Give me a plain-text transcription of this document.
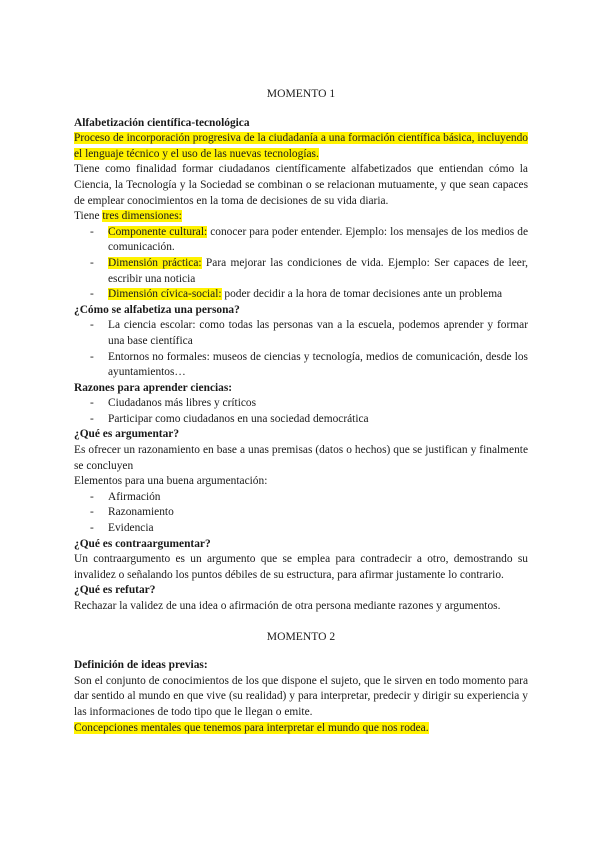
MOMENTO 1
Alfabetización científica-tecnológica

Proceso de incorporación progresiva de la ciudadanía a una formación científica básica, incluyendo el lenguaje técnico y el uso de las nuevas tecnologías.

Tiene como finalidad formar ciudadanos científicamente alfabetizados que entiendan cómo la Ciencia, la Tecnología y la Sociedad se combinan o se relacionan mutuamente, y que sean capaces de emplear conocimientos en la toma de decisiones de su vida diaria.

Tiene tres dimensiones:

- Componente cultural: conocer para poder entender. Ejemplo: los mensajes de los medios de comunicación.
- Dimensión práctica: Para mejorar las condiciones de vida. Ejemplo: Ser capaces de leer, escribir una noticia
- Dimensión cívica-social: poder decidir a la hora de tomar decisiones ante un problema
¿Cómo se alfabetiza una persona?
- La ciencia escolar: como todas las personas van a la escuela, podemos aprender y formar una base científica
- Entornos no formales: museos de ciencias y tecnología, medios de comunicación, desde los ayuntamientos…
Razones para aprender ciencias:
- Ciudadanos más libres y críticos
- Participar como ciudadanos en una sociedad democrática
¿Qué es argumentar?

Es ofrecer un razonamiento en base a unas premisas (datos o hechos) que se justifican y finalmente se concluyen

Elementos para una buena argumentación:

- Afirmación
- Razonamiento
- Evidencia
¿Qué es contraargumentar?

Un contraargumento es un argumento que se emplea para contradecir a otro, demostrando su invalidez o señalando los puntos débiles de su estructura, para afirmar justamente lo contrario.

¿Qué es refutar?

Rechazar la validez de una idea o afirmación de otra persona mediante razones y argumentos.

MOMENTO 2
Definición de ideas previas:

Son el conjunto de conocimientos de los que dispone el sujeto, que le sirven en todo momento para dar sentido al mundo en que vive (su realidad) y para interpretar, predecir y dirigir su experiencia y las informaciones de todo tipo que le llegan o emite.

Concepciones mentales que tenemos para interpretar el mundo que nos rodea.
